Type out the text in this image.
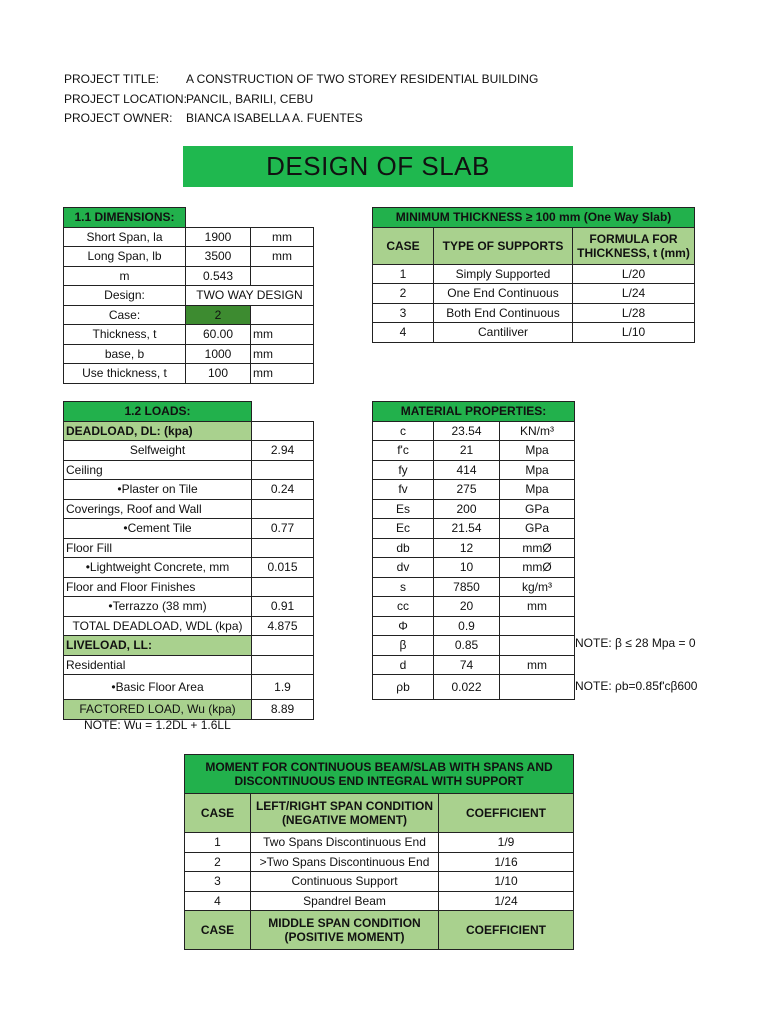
PROJECT TITLE: A CONSTRUCTION OF TWO STOREY RESIDENTIAL BUILDING
PROJECT LOCATION:PANCIL, BARILI, CEBU
PROJECT OWNER: BIANCA ISABELLA A. FUENTES
DESIGN OF SLAB
1.1 DIMENSIONS:		
Short Span, la	1900	mm
Long Span, lb	3500	mm
m	0.543	
Design:	TWO WAY DESIGN	
Case:	2	
Thickness, t	60.00	mm
base, b	1000	mm
Use thickness, t	100	mm
MINIMUM THICKNESS ≥ 100 mm (One Way Slab)		
CASE	TYPE OF SUPPORTS	FORMULA FOR THICKNESS, t (mm)
1	Simply Supported	L/20
2	One End Continuous	L/24
3	Both End Continuous	L/28
4	Cantiliver	L/10
1.2 LOADS:	
DEADLOAD, DL: (kpa)	
Selfweight	2.94
Ceiling	
•Plaster on Tile	0.24
Coverings, Roof and Wall	
•Cement Tile	0.77
Floor Fill	
•Lightweight Concrete, mm	0.015
Floor and Floor Finishes	
•Terrazzo (38 mm)	0.91
TOTAL DEADLOAD, WDL (kpa)	4.875
LIVELOAD, LL:	
Residential	
•Basic Floor Area	1.9
FACTORED LOAD, Wu (kpa)	8.89
NOTE: Wu = 1.2DL + 1.6LL
MATERIAL PROPERTIES:		
c	23.54	KN/m³
f'c	21	Mpa
fy	414	Mpa
fv	275	Mpa
Es	200	GPa
Ec	21.54	GPa
db	12	mmØ
dv	10	mmØ
s	7850	kg/m³
cc	20	mm
Φ	0.9	
β	0.85	
d	74	mm
ρb	0.022	
NOTE: β ≤ 28 Mpa = 0
NOTE: ρb=0.85f'cβ600
MOMENT FOR CONTINUOUS BEAM/SLAB WITH SPANS AND DISCONTINUOUS END INTEGRAL WITH SUPPORT		
CASE	LEFT/RIGHT SPAN CONDITION (NEGATIVE MOMENT)	COEFFICIENT
1	Two Spans Discontinuous End	1/9
2	>Two Spans Discontinuous End	1/16
3	Continuous Support	1/10
4	Spandrel Beam	1/24
CASE	MIDDLE SPAN CONDITION (POSITIVE MOMENT)	COEFFICIENT
